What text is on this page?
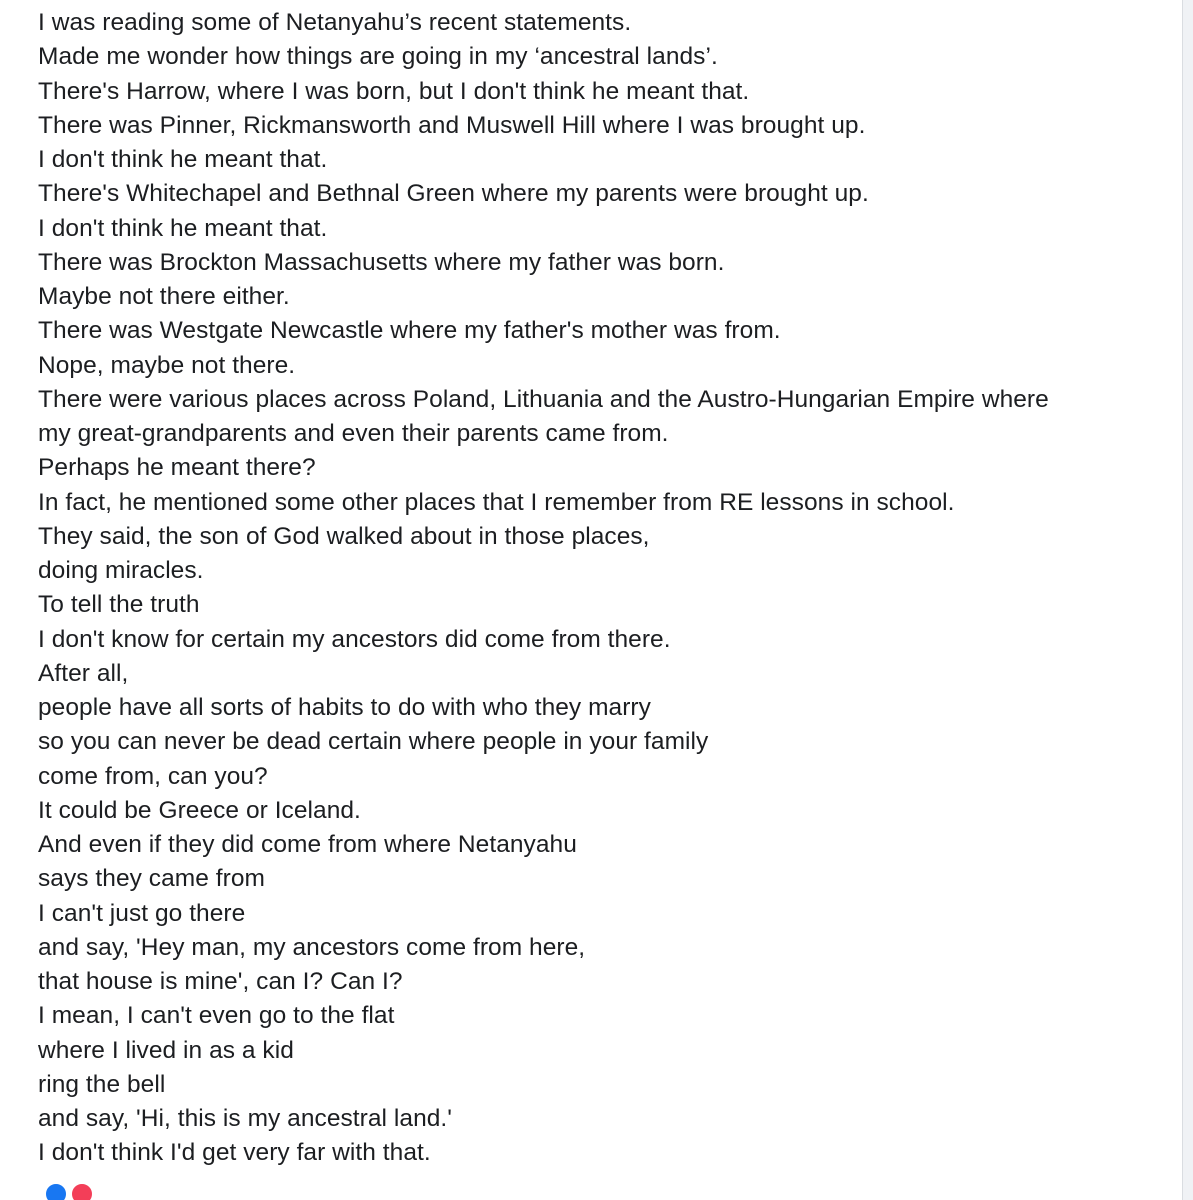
I was reading some of Netanyahu’s recent statements.
Made me wonder how things are going in my ‘ancestral lands’.
There's Harrow, where I was born, but I don't think he meant that.
There was Pinner, Rickmansworth and Muswell Hill where I was brought up.
I don't think he meant that.
There's Whitechapel and Bethnal Green where my parents were brought up.
I don't think he meant that.
There was Brockton Massachusetts where my father was born.
Maybe not there either.
There was Westgate Newcastle where my father's mother was from.
Nope, maybe not there.
There were various places across Poland, Lithuania and the Austro-Hungarian Empire where
my great-grandparents and even their parents came from.
Perhaps he meant there?
In fact, he mentioned some other places that I remember from RE lessons in school.
They said, the son of God walked about in those places,
doing miracles.
To tell the truth
I don't know for certain my ancestors did come from there.
After all,
people have all sorts of habits to do with who they marry
so you can never be dead certain where people in your family
come from, can you?
It could be Greece or Iceland.
And even if they did come from where Netanyahu
says they came from
I can't just go there
and say, 'Hey man, my ancestors come from here,
that house is mine', can I? Can I?
I mean, I can't even go to the flat
where I lived in as a kid
ring the bell
and say, 'Hi, this is my ancestral land.'
I don't think I'd get very far with that.
